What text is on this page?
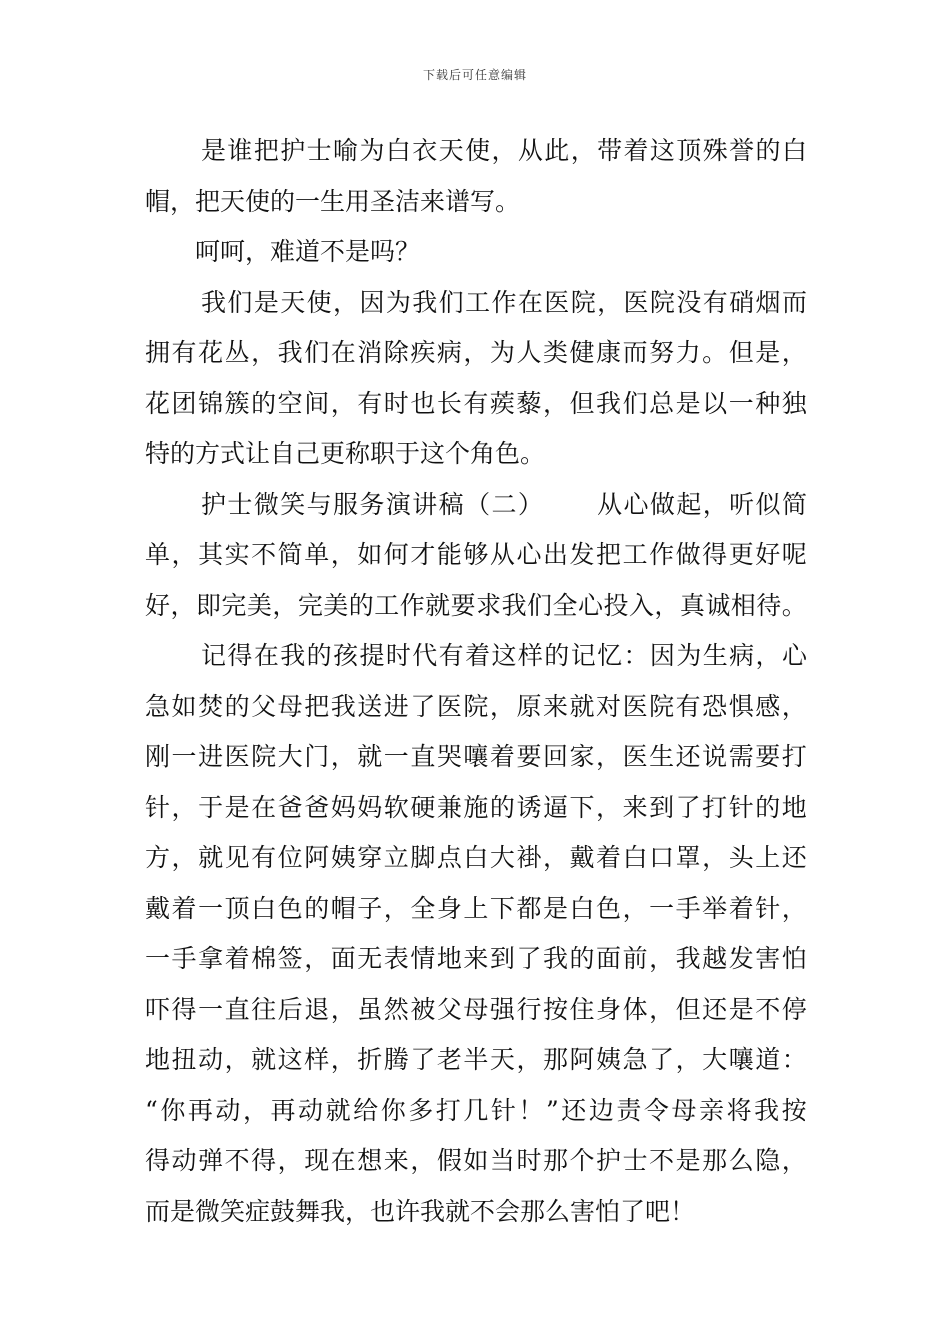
下载后可任意编辑
是 谁 把 护 士 喻 为 白 衣 天 使 ， 从 此 ， 带 着 这 顶 殊 誉 的 白
帽，把天使的一生用圣洁来谱写。
呵呵，难道不是吗？
我 们 是 天 使 ， 因 为 我 们 工 作 在 医 院 ， 医 院 没 有 硝 烟 而
拥 有 花 丛 ， 我 们 在 消 除 疾 病 ， 为 人 类 健 康 而 努 力 。 但 是 ，
花 团 锦 簇 的 空 间 ， 有 时 也 长 有 蒺 藜 ， 但 我 们 总 是 以 一 种 独
特的方式让自己更称职于这个角色。
护 士 微 笑 与 服 务 演 讲 稿 （ 二 ）

　 从 心 做 起 ， 听 似 简
单 ， 其 实 不 简 单 ， 如 何 才 能 够 从 心 出 发 把 工 作 做 得 更 好 呢
好 ， 即 完 美 ， 完 美 的 工 作 就 要 求 我 们 全 心 投 入 ， 真 诚 相 待 。
记 得 在 我 的 孩 提 时 代 有 着 这 样 的 记 忆 ： 因 为 生 病 ， 心
急 如 焚 的 父 母 把 我 送 进 了 医 院 ， 原 来 就 对 医 院 有 恐 惧 感 ，
刚 一 进 医 院 大 门 ， 就 一 直 哭 嚷 着 要 回 家 ， 医 生 还 说 需 要 打
针 ， 于 是 在 爸 爸 妈 妈 软 硬 兼 施 的 诱 逼 下 ， 来 到 了 打 针 的 地
方 ， 就 见 有 位 阿 姨 穿 立 脚 点 白 大 褂 ， 戴 着 白 口 罩 ， 头 上 还
戴 着 一 顶 白 色 的 帽 子 ， 全 身 上 下 都 是 白 色 ， 一 手 举 着 针 ，
一 手 拿 着 棉 签 ， 面 无 表 情 地 来 到 了 我 的 面 前 ， 我 越 发 害 怕
吓 得 一 直 往 后 退 ， 虽 然 被 父 母 强 行 按 住 身 体 ， 但 还 是 不 停
地 扭 动 ， 就 这 样 ， 折 腾 了 老 半 天 ， 那 阿 姨 急 了 ， 大 嚷 道 ：
“ 你 再 动 ， 再 动 就 给 你 多 打 几 针 ！ ” 还 边 责 令 母 亲 将 我 按
得 动 弹 不 得 ， 现 在 想 来 ， 假 如 当 时 那 个 护 士 不 是 那 么 隐 ，
而是微笑症鼓舞我，也许我就不会那么害怕了吧！
